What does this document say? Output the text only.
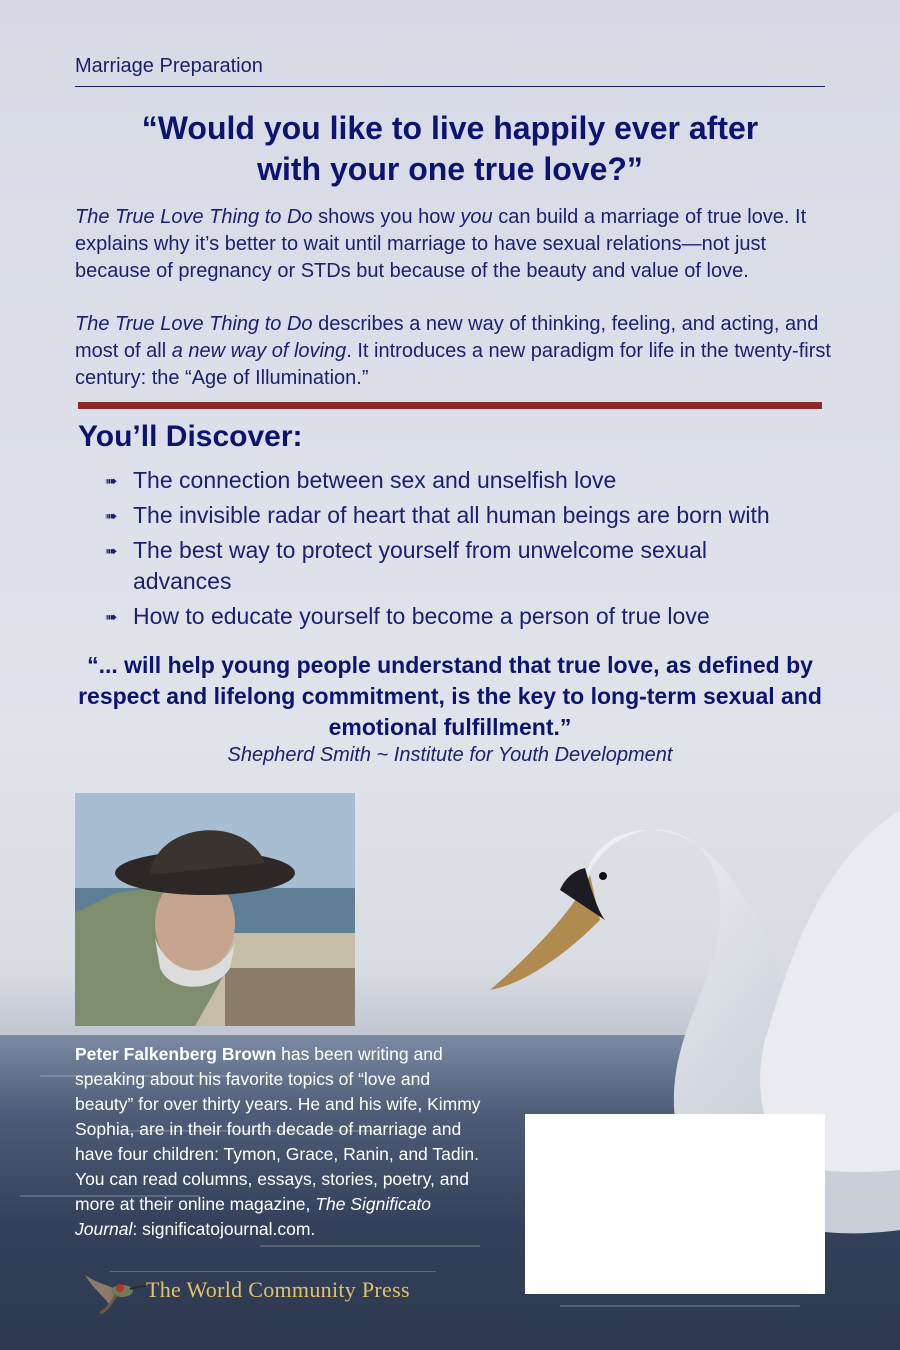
Marriage Preparation
“Would you like to live happily ever after
with your one true love?”
The True Love Thing to Do shows you how you can build a marriage of true love. It explains why it’s better to wait until marriage to have sexual relations—not just because of pregnancy or STDs but because of the beauty and value of love.
The True Love Thing to Do describes a new way of thinking, feeling, and acting, and most of all a new way of loving. It introduces a new paradigm for life in the twenty-first century: the “Age of Illumination.”
You’ll Discover:
➠ The connection between sex and unselfish love
➠ The invisible radar of heart that all human beings are born with
➠ The best way to protect yourself from unwelcome sexual advances
➠ How to educate yourself to become a person of true love
“... will help young people understand that true love, as defined by respect and lifelong commitment, is the key to long-term sexual and emotional fulfillment.”
Shepherd Smith ~ Institute for Youth Development
Peter Falkenberg Brown has been writing and speaking about his favorite topics of “love and beauty” for over thirty years. He and his wife, Kimmy Sophia, are in their fourth decade of marriage and have four children: Tymon, Grace, Ranin, and Tadin. You can read columns, essays, stories, poetry, and more at their online magazine, The Significato Journal: significatojournal.com.
The World Community Press
